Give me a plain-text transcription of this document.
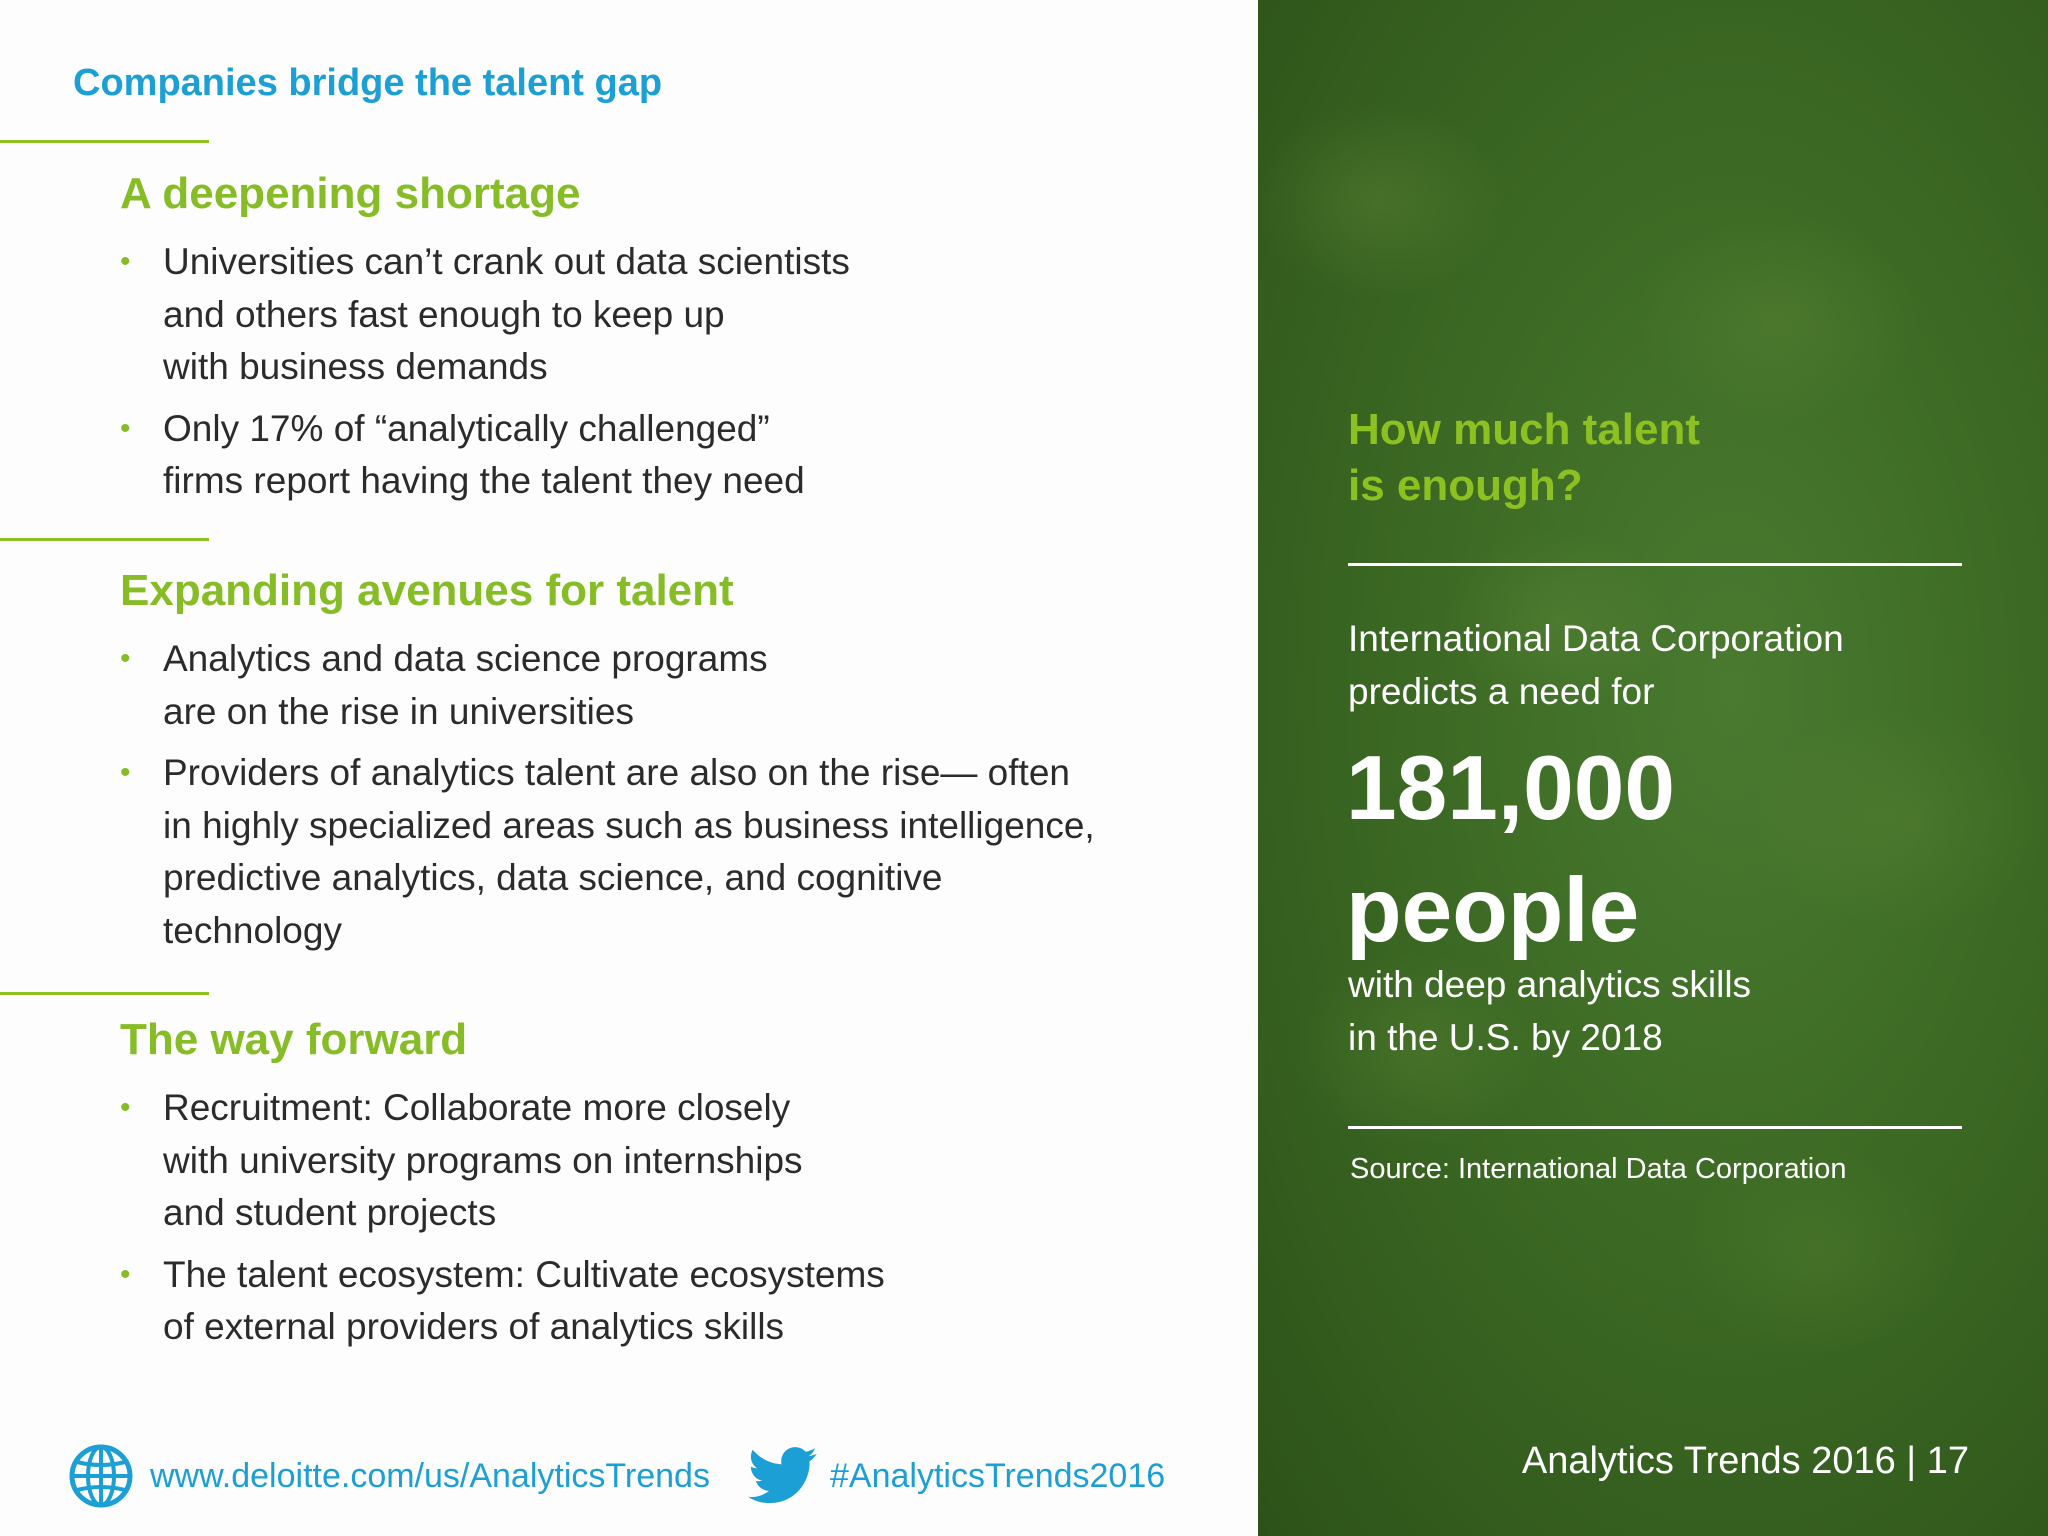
Companies bridge the talent gap
A deepening shortage
• Universities can’t crank out data scientists
and others fast enough to keep up
with business demands
• Only 17% of “analytically challenged”
firms report having the talent they need
Expanding avenues for talent
• Analytics and data science programs
are on the rise in universities
• Providers of analytics talent are also on the rise— often
in highly specialized areas such as business intelligence,
predictive analytics, data science, and cognitive
technology
The way forward
• Recruitment: Collaborate more closely
with university programs on internships
and student projects
• The talent ecosystem: Cultivate ecosystems
of external providers of analytics skills
www.deloitte.com/us/AnalyticsTrends	#AnalyticsTrends2016
How much talent
is enough?
International Data Corporation
predicts a need for
181,000
people
with deep analytics skills
in the U.S. by 2018
Source: International Data Corporation
Analytics Trends 2016 | 17
